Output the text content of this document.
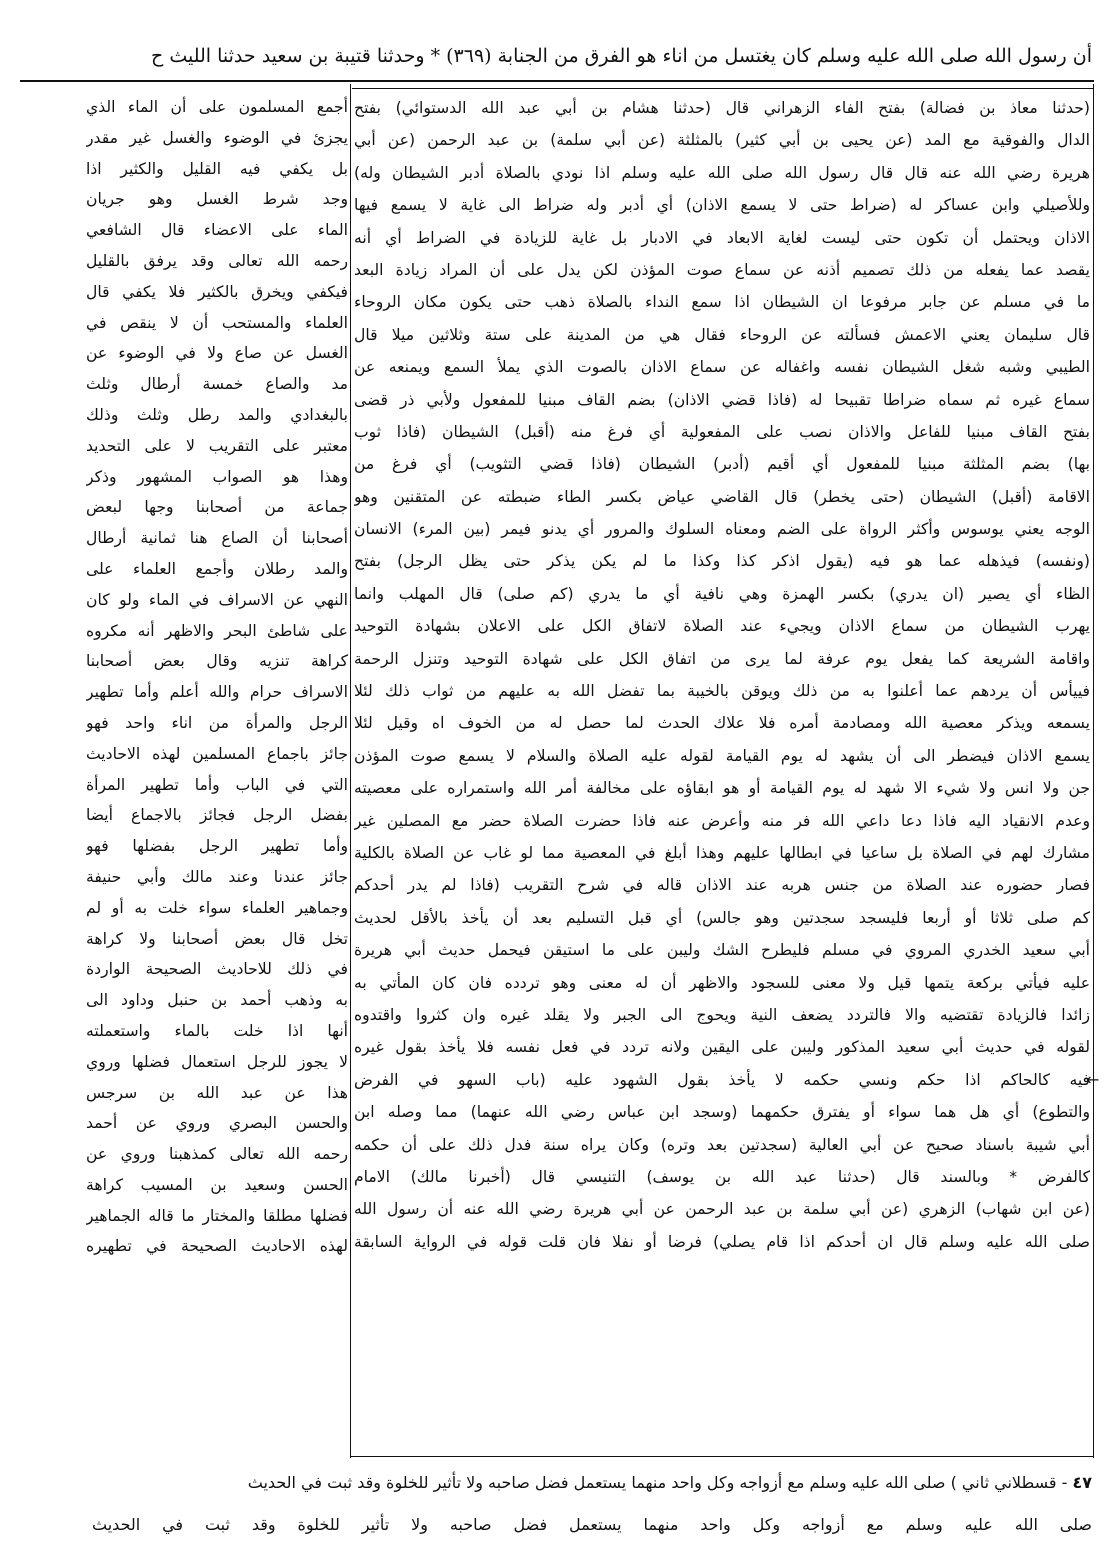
أن رسول الله صلى الله عليه وسلم كان يغتسل من اناء هو الفرق من الجنابة (٣٦٩) * وحدثنا قتيبة بن سعيد حدثنا الليث ح
(حدثنا معاذ بن فضالة) بفتح الفاء الزهراني قال (حدثنا هشام بن أبي عبد الله الدستوائي) بفتح
الدال والفوقية مع المد (عن يحيى بن أبي كثير) بالمثلثة (عن أبي سلمة) بن عبد الرحمن (عن أبي
هريرة رضي الله عنه قال قال رسول الله صلى الله عليه وسلم اذا نودي بالصلاة أدبر الشيطان وله)
وللأصيلي وابن عساكر له (ضراط حتى لا يسمع الاذان) أي أدبر وله ضراط الى غاية لا يسمع فيها
الاذان ويحتمل أن تكون حتى ليست لغاية الابعاد في الادبار بل غاية للزيادة في الضراط أي أنه
يقصد عما يفعله من ذلك تصميم أذنه عن سماع صوت المؤذن لكن يدل على أن المراد زيادة البعد
ما في مسلم عن جابر مرفوعا ان الشيطان اذا سمع النداء بالصلاة ذهب حتى يكون مكان الروحاء
قال سليمان يعني الاعمش فسألته عن الروحاء فقال هي من المدينة على ستة وثلاثين ميلا قال
الطيبي وشبه شغل الشيطان نفسه واغفاله عن سماع الاذان بالصوت الذي يملأ السمع ويمنعه عن
سماع غيره ثم سماه ضراطا تقبيحا له (فاذا قضي الاذان) بضم القاف مبنيا للمفعول ولأبي ذر قضى
بفتح القاف مبنيا للفاعل والاذان نصب على المفعولية أي فرغ منه (أقبل) الشيطان (فاذا ثوب
بها) بضم المثلثة مبنيا للمفعول أي أقيم (أدبر) الشيطان (فاذا قضي التثويب) أي فرغ من
الاقامة (أقبل) الشيطان (حتى يخطر) قال القاضي عياض بكسر الطاء ضبطته عن المتقنين وهو
الوجه يعني يوسوس وأكثر الرواة على الضم ومعناه السلوك والمرور أي يدنو فيمر (بين المرء) الانسان
(ونفسه) فيذهله عما هو فيه (يقول اذكر كذا وكذا ما لم يكن يذكر حتى يظل الرجل) بفتح
الظاء أي يصير (ان يدري) بكسر الهمزة وهي نافية أي ما يدري (كم صلى) قال المهلب وانما
يهرب الشيطان من سماع الاذان ويجيء عند الصلاة لاتفاق الكل على الاعلان بشهادة التوحيد
واقامة الشريعة كما يفعل يوم عرفة لما يرى من اتفاق الكل على شهادة التوحيد وتنزل الرحمة
فييأس أن يردهم عما أعلنوا به من ذلك ويوقن بالخيبة بما تفضل الله به عليهم من ثواب ذلك لئلا
يسمعه ويذكر معصية الله ومصادمة أمره فلا علاك الحدث لما حصل له من الخوف اه وقيل لئلا
يسمع الاذان فيضطر الى أن يشهد له يوم القيامة لقوله عليه الصلاة والسلام لا يسمع صوت المؤذن
جن ولا انس ولا شيء الا شهد له يوم القيامة أو هو ابقاؤه على مخالفة أمر الله واستمراره على معصيته
وعدم الانقياد اليه فاذا دعا داعي الله فر منه وأعرض عنه فاذا حضرت الصلاة حضر مع المصلين غير
مشارك لهم في الصلاة بل ساعيا في ابطالها عليهم وهذا أبلغ في المعصية مما لو غاب عن الصلاة بالكلية
فصار حضوره عند الصلاة من جنس هربه عند الاذان قاله في شرح التقريب (فاذا لم يدر أحدكم
كم صلى ثلاثا أو أربعا فليسجد سجدتين وهو جالس) أي قبل التسليم بعد أن يأخذ بالأقل لحديث
أبي سعيد الخدري المروي في مسلم فليطرح الشك وليبن على ما استيقن فيحمل حديث أبي هريرة
عليه فيأتي بركعة يتمها قيل ولا معنى للسجود والاظهر أن له معنى وهو تردده فان كان المأتي به
زائدا فالزيادة تقتضيه والا فالتردد يضعف النية ويحوج الى الجبر ولا يقلد غيره وان كثروا واقتدوه
لقوله في حديث أبي سعيد المذكور وليبن على اليقين ولانه تردد في فعل نفسه فلا يأخذ بقول غيره
فيه كالحاكم اذا حكم ونسي حكمه لا يأخذ بقول الشهود عليه (باب السهو في الفرض
والتطوع) أي هل هما سواء أو يفترق حكمهما (وسجد ابن عباس رضي الله عنهما) مما وصله ابن
أبي شيبة باسناد صحيح عن أبي العالية (سجدتين بعد وتره) وكان يراه سنة فدل ذلك على أن حكمه
كالفرض * وبالسند قال (حدثنا عبد الله بن يوسف) التنيسي قال (أخبرنا مالك) الامام
(عن ابن شهاب) الزهري (عن أبي سلمة بن عبد الرحمن عن أبي هريرة رضي الله عنه أن رسول الله
صلى الله عليه وسلم قال ان أحدكم اذا قام يصلي) فرضا أو نفلا فان قلت قوله في الرواية السابقة
أجمع المسلمون على أن الماء الذي
يجزئ في الوضوء والغسل غير مقدر
بل يكفي فيه القليل والكثير اذا
وجد شرط الغسل وهو جريان
الماء على الاعضاء قال الشافعي
رحمه الله تعالى وقد يرفق بالقليل
فيكفي ويخرق بالكثير فلا يكفي قال
العلماء والمستحب أن لا ينقص في
الغسل عن صاع ولا في الوضوء عن
مد والصاع خمسة أرطال وثلث
بالبغدادي والمد رطل وثلث وذلك
معتبر على التقريب لا على التحديد
وهذا هو الصواب المشهور وذكر
جماعة من أصحابنا وجها لبعض
أصحابنا أن الصاع هنا ثمانية أرطال
والمد رطلان وأجمع العلماء على
النهي عن الاسراف في الماء ولو كان
على شاطئ البحر والاظهر أنه مكروه
كراهة تنزيه وقال بعض أصحابنا
الاسراف حرام والله أعلم وأما تطهير
الرجل والمرأة من اناء واحد فهو
جائز باجماع المسلمين لهذه الاحاديث
التي في الباب وأما تطهير المرأة
بفضل الرجل فجائز بالاجماع أيضا
وأما تطهير الرجل بفضلها فهو
جائز عندنا وعند مالك وأبي حنيفة
وجماهير العلماء سواء خلت به أو لم
تخل قال بعض أصحابنا ولا كراهة
في ذلك للاحاديث الصحيحة الواردة
به وذهب أحمد بن حنبل وداود الى
أنها اذا خلت بالماء واستعملته
لا يجوز للرجل استعمال فضلها وروي
هذا عن عبد الله بن سرجس
والحسن البصري وروي عن أحمد
رحمه الله تعالى كمذهبنا وروي عن
الحسن وسعيد بن المسيب كراهة
فضلها مطلقا والمختار ما قاله الجماهير
لهذه الاحاديث الصحيحة في تطهيره
٤٧ - قسطلاني ثاني ) صلى الله عليه وسلم مع أزواجه وكل واحد منهما يستعمل فضل صاحبه ولا تأثير للخلوة وقد ثبت في الحديث
صلى الله عليه وسلم مع أزواجه وكل واحد منهما يستعمل فضل صاحبه ولا تأثير للخلوة وقد ثبت في الحديث
←
